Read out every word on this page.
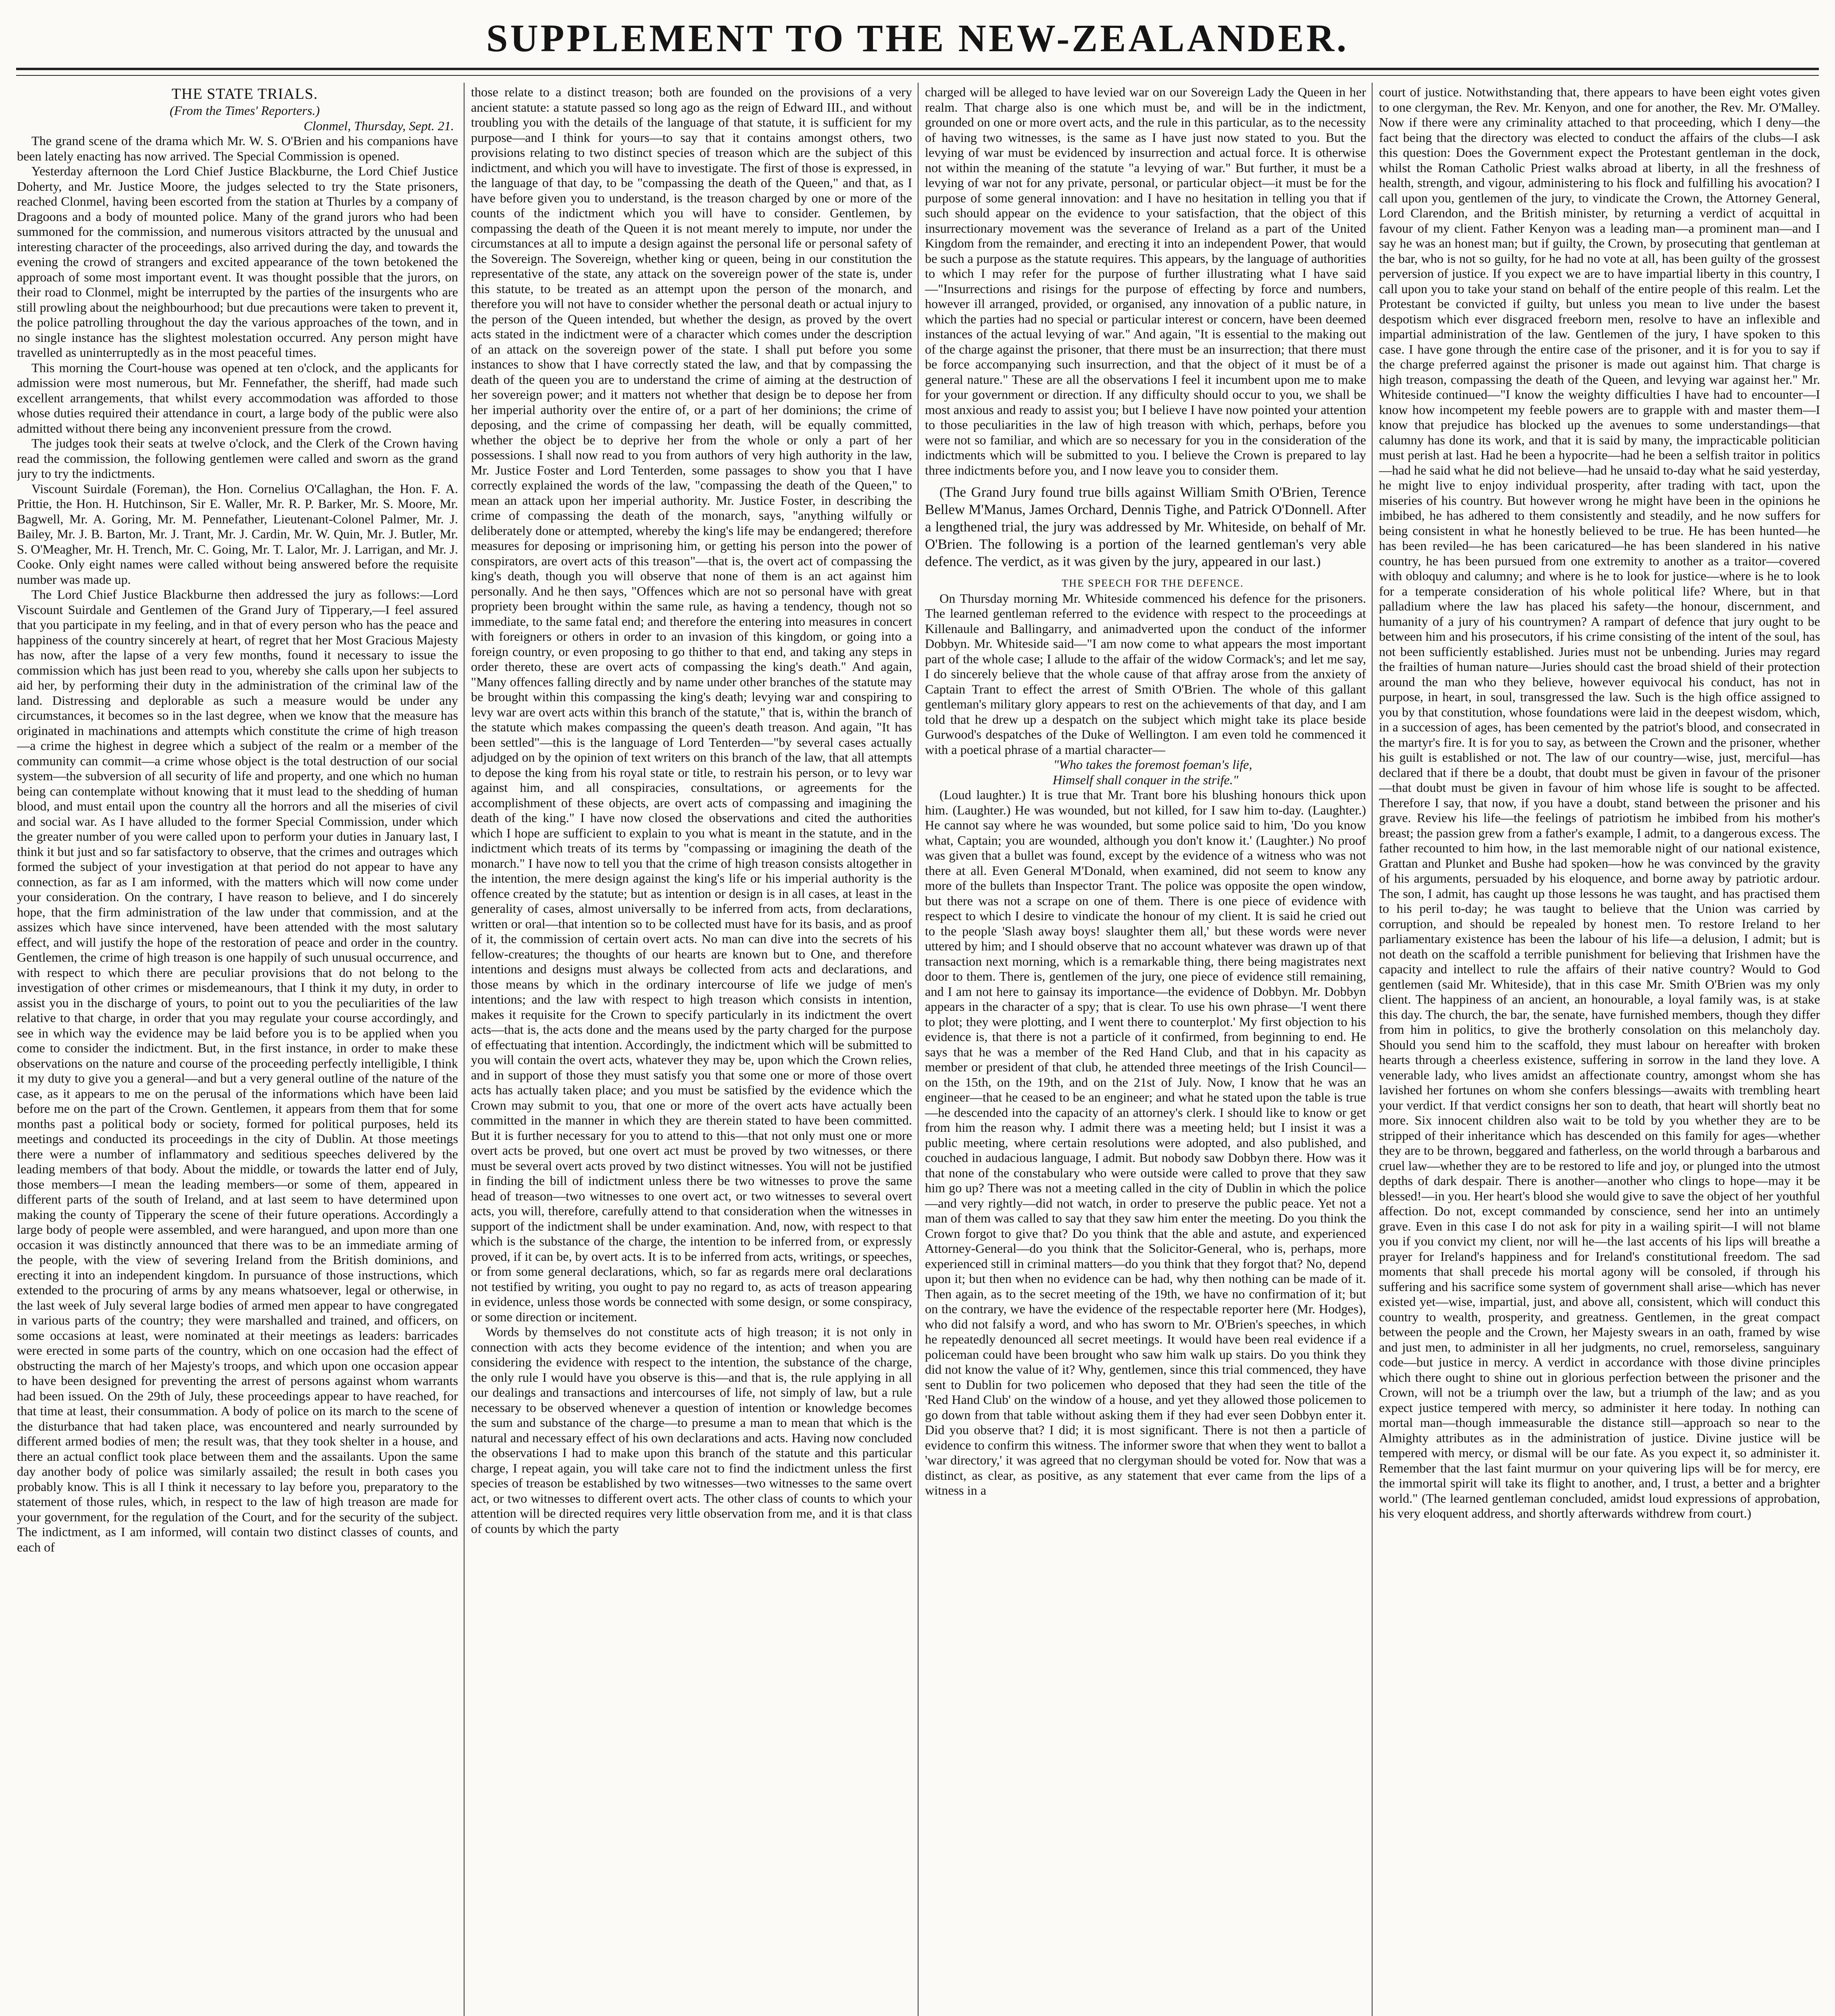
SUPPLEMENT TO THE NEW-ZEALANDER.

THE STATE TRIALS.

(From the Times' Reporters.)

Clonmel, Thursday, Sept. 21.

The grand scene of the drama which Mr. W. S. O'Brien and his companions have been lately enacting has now arrived. The Special Commission is opened.

Yesterday afternoon the Lord Chief Justice Blackburne, the Lord Chief Justice Doherty, and Mr. Justice Moore, the judges selected to try the State prisoners, reached Clonmel, having been escorted from the station at Thurles by a company of Dragoons and a body of mounted police. Many of the grand jurors who had been summoned for the commission, and numerous visitors attracted by the unusual and interesting character of the proceedings, also arrived during the day, and towards the evening the crowd of strangers and excited appearance of the town betokened the approach of some most important event. It was thought possible that the jurors, on their road to Clonmel, might be interrupted by the parties of the insurgents who are still prowling about the neighbourhood; but due precautions were taken to prevent it, the police patrolling throughout the day the various approaches of the town, and in no single instance has the slightest molestation occurred. Any person might have travelled as uninterruptedly as in the most peaceful times.

This morning the Court-house was opened at ten o'clock, and the applicants for admission were most numerous, but Mr. Fennefather, the sheriff, had made such excellent arrangements, that whilst every accommodation was afforded to those whose duties required their attendance in court, a large body of the public were also admitted without there being any inconvenient pressure from the crowd.

The judges took their seats at twelve o'clock, and the Clerk of the Crown having read the commission, the following gentlemen were called and sworn as the grand jury to try the indictments.

Viscount Suirdale (Foreman), the Hon. Cornelius O'Callaghan, the Hon. F. A. Prittie, the Hon. H. Hutchinson, Sir E. Waller, Mr. R. P. Barker, Mr. S. Moore, Mr. Bagwell, Mr. A. Goring, Mr. M. Pennefather, Lieutenant-Colonel Palmer, Mr. J. Bailey, Mr. J. B. Barton, Mr. J. Trant, Mr. J. Cardin, Mr. W. Quin, Mr. J. Butler, Mr. S. O'Meagher, Mr. H. Trench, Mr. C. Going, Mr. T. Lalor, Mr. J. Larrigan, and Mr. J. Cooke. Only eight names were called without being answered before the requisite number was made up.

The Lord Chief Justice Blackburne then addressed the jury as follows:—Lord Viscount Suirdale and Gentlemen of the Grand Jury of Tipperary,—I feel assured that you participate in my feeling, and in that of every person who has the peace and happiness of the country sincerely at heart, of regret that her Most Gracious Majesty has now, after the lapse of a very few months, found it necessary to issue the commission which has just been read to you, whereby she calls upon her subjects to aid her, by performing their duty in the administration of the criminal law of the land. Distressing and deplorable as such a measure would be under any circumstances, it becomes so in the last degree, when we know that the measure has originated in machinations and attempts which constitute the crime of high treason—a crime the highest in degree which a subject of the realm or a member of the community can commit—a crime whose object is the total destruction of our social system—the subversion of all security of life and property, and one which no human being can contemplate without knowing that it must lead to the shedding of human blood, and must entail upon the country all the horrors and all the miseries of civil and social war. As I have alluded to the former Special Commission, under which the greater number of you were called upon to perform your duties in January last, I think it but just and so far satisfactory to observe, that the crimes and outrages which formed the subject of your investigation at that period do not appear to have any connection, as far as I am informed, with the matters which will now come under your consideration. On the contrary, I have reason to believe, and I do sincerely hope, that the firm administration of the law under that commission, and at the assizes which have since intervened, have been attended with the most salutary effect, and will justify the hope of the restoration of peace and order in the country. Gentlemen, the crime of high treason is one happily of such unusual occurrence, and with respect to which there are peculiar provisions that do not belong to the investigation of other crimes or misdemeanours, that I think it my duty, in order to assist you in the discharge of yours, to point out to you the peculiarities of the law relative to that charge, in order that you may regulate your course accordingly, and see in which way the evidence may be laid before you is to be applied when you come to consider the indictment. But, in the first instance, in order to make these observations on the nature and course of the proceeding perfectly intelligible, I think it my duty to give you a general—and but a very general outline of the nature of the case, as it appears to me on the perusal of the informations which have been laid before me on the part of the Crown. Gentlemen, it appears from them that for some months past a political body or society, formed for political purposes, held its meetings and conducted its proceedings in the city of Dublin. At those meetings there were a number of inflammatory and seditious speeches delivered by the leading members of that body. About the middle, or towards the latter end of July, those members—I mean the leading members—or some of them, appeared in different parts of the south of Ireland, and at last seem to have determined upon making the county of Tipperary the scene of their future operations. Accordingly a large body of people were assembled, and were harangued, and upon more than one occasion it was distinctly announced that there was to be an immediate arming of the people, with the view of severing Ireland from the British dominions, and erecting it into an independent kingdom. In pursuance of those instructions, which extended to the procuring of arms by any means whatsoever, legal or otherwise, in the last week of July several large bodies of armed men appear to have congregated in various parts of the country; they were marshalled and trained, and officers, on some occasions at least, were nominated at their meetings as leaders: barricades were erected in some parts of the country, which on one occasion had the effect of obstructing the march of her Majesty's troops, and which upon one occasion appear to have been designed for preventing the arrest of persons against whom warrants had been issued. On the 29th of July, these proceedings appear to have reached, for that time at least, their consummation. A body of police on its march to the scene of the disturbance that had taken place, was encountered and nearly surrounded by different armed bodies of men; the result was, that they took shelter in a house, and there an actual conflict took place between them and the assailants. Upon the same day another body of police was similarly assailed; the result in both cases you probably know. This is all I think it necessary to lay before you, preparatory to the statement of those rules, which, in respect to the law of high treason are made for your government, for the regulation of the Court, and for the security of the subject. The indictment, as I am informed, will contain two distinct classes of counts, and each of

those relate to a distinct treason; both are founded on the provisions of a very ancient statute: a statute passed so long ago as the reign of Edward III., and without troubling you with the details of the language of that statute, it is sufficient for my purpose—and I think for yours—to say that it contains amongst others, two provisions relating to two distinct species of treason which are the subject of this indictment, and which you will have to investigate. The first of those is expressed, in the language of that day, to be "compassing the death of the Queen," and that, as I have before given you to understand, is the treason charged by one or more of the counts of the indictment which you will have to consider. Gentlemen, by compassing the death of the Queen it is not meant merely to impute, nor under the circumstances at all to impute a design against the personal life or personal safety of the Sovereign. The Sovereign, whether king or queen, being in our constitution the representative of the state, any attack on the sovereign power of the state is, under this statute, to be treated as an attempt upon the person of the monarch, and therefore you will not have to consider whether the personal death or actual injury to the person of the Queen intended, but whether the design, as proved by the overt acts stated in the indictment were of a character which comes under the description of an attack on the sovereign power of the state. I shall put before you some instances to show that I have correctly stated the law, and that by compassing the death of the queen you are to understand the crime of aiming at the destruction of her sovereign power; and it matters not whether that design be to depose her from her imperial authority over the entire of, or a part of her dominions; the crime of deposing, and the crime of compassing her death, will be equally committed, whether the object be to deprive her from the whole or only a part of her possessions. I shall now read to you from authors of very high authority in the law, Mr. Justice Foster and Lord Tenterden, some passages to show you that I have correctly explained the words of the law, "compassing the death of the Queen," to mean an attack upon her imperial authority. Mr. Justice Foster, in describing the crime of compassing the death of the monarch, says, "anything wilfully or deliberately done or attempted, whereby the king's life may be endangered; therefore measures for deposing or imprisoning him, or getting his person into the power of conspirators, are overt acts of this treason"—that is, the overt act of compassing the king's death, though you will observe that none of them is an act against him personally. And he then says, "Offences which are not so personal have with great propriety been brought within the same rule, as having a tendency, though not so immediate, to the same fatal end; and therefore the entering into measures in concert with foreigners or others in order to an invasion of this kingdom, or going into a foreign country, or even proposing to go thither to that end, and taking any steps in order thereto, these are overt acts of compassing the king's death." And again, "Many offences falling directly and by name under other branches of the statute may be brought within this compassing the king's death; levying war and conspiring to levy war are overt acts within this branch of the statute," that is, within the branch of the statute which makes compassing the queen's death treason. And again, "It has been settled"—this is the language of Lord Tenterden—"by several cases actually adjudged on by the opinion of text writers on this branch of the law, that all attempts to depose the king from his royal state or title, to restrain his person, or to levy war against him, and all conspiracies, consultations, or agreements for the accomplishment of these objects, are overt acts of compassing and imagining the death of the king." I have now closed the observations and cited the authorities which I hope are sufficient to explain to you what is meant in the statute, and in the indictment which treats of its terms by "compassing or imagining the death of the monarch." I have now to tell you that the crime of high treason consists altogether in the intention, the mere design against the king's life or his imperial authority is the offence created by the statute; but as intention or design is in all cases, at least in the generality of cases, almost universally to be inferred from acts, from declarations, written or oral—that intention so to be collected must have for its basis, and as proof of it, the commission of certain overt acts. No man can dive into the secrets of his fellow-creatures; the thoughts of our hearts are known but to One, and therefore intentions and designs must always be collected from acts and declarations, and those means by which in the ordinary intercourse of life we judge of men's intentions; and the law with respect to high treason which consists in intention, makes it requisite for the Crown to specify particularly in its indictment the overt acts—that is, the acts done and the means used by the party charged for the purpose of effectuating that intention. Accordingly, the indictment which will be submitted to you will contain the overt acts, whatever they may be, upon which the Crown relies, and in support of those they must satisfy you that some one or more of those overt acts has actually taken place; and you must be satisfied by the evidence which the Crown may submit to you, that one or more of the overt acts have actually been committed in the manner in which they are therein stated to have been committed. But it is further necessary for you to attend to this—that not only must one or more overt acts be proved, but one overt act must be proved by two witnesses, or there must be several overt acts proved by two distinct witnesses. You will not be justified in finding the bill of indictment unless there be two witnesses to prove the same head of treason—two witnesses to one overt act, or two witnesses to several overt acts, you will, therefore, carefully attend to that consideration when the witnesses in support of the indictment shall be under examination. And, now, with respect to that which is the substance of the charge, the intention to be inferred from, or expressly proved, if it can be, by overt acts. It is to be inferred from acts, writings, or speeches, or from some general declarations, which, so far as regards mere oral declarations not testified by writing, you ought to pay no regard to, as acts of treason appearing in evidence, unless those words be connected with some design, or some conspiracy, or some direction or incitement.

Words by themselves do not constitute acts of high treason; it is not only in connection with acts they become evidence of the intention; and when you are considering the evidence with respect to the intention, the substance of the charge, the only rule I would have you observe is this—and that is, the rule applying in all our dealings and transactions and intercourses of life, not simply of law, but a rule necessary to be observed whenever a question of intention or knowledge becomes the sum and substance of the charge—to presume a man to mean that which is the natural and necessary effect of his own declarations and acts. Having now concluded the observations I had to make upon this branch of the statute and this particular charge, I repeat again, you will take care not to find the indictment unless the first species of treason be established by two witnesses—two witnesses to the same overt act, or two witnesses to different overt acts. The other class of counts to which your attention will be directed requires very little observation from me, and it is that class of counts by which the party

charged will be alleged to have levied war on our Sovereign Lady the Queen in her realm. That charge also is one which must be, and will be in the indictment, grounded on one or more overt acts, and the rule in this particular, as to the necessity of having two witnesses, is the same as I have just now stated to you. But the levying of war must be evidenced by insurrection and actual force. It is otherwise not within the meaning of the statute "a levying of war." But further, it must be a levying of war not for any private, personal, or particular object—it must be for the purpose of some general innovation: and I have no hesitation in telling you that if such should appear on the evidence to your satisfaction, that the object of this insurrectionary movement was the severance of Ireland as a part of the United Kingdom from the remainder, and erecting it into an independent Power, that would be such a purpose as the statute requires. This appears, by the language of authorities to which I may refer for the purpose of further illustrating what I have said—"Insurrections and risings for the purpose of effecting by force and numbers, however ill arranged, provided, or organised, any innovation of a public nature, in which the parties had no special or particular interest or concern, have been deemed instances of the actual levying of war." And again, "It is essential to the making out of the charge against the prisoner, that there must be an insurrection; that there must be force accompanying such insurrection, and that the object of it must be of a general nature." These are all the observations I feel it incumbent upon me to make for your government or direction. If any difficulty should occur to you, we shall be most anxious and ready to assist you; but I believe I have now pointed your attention to those peculiarities in the law of high treason with which, perhaps, before you were not so familiar, and which are so necessary for you in the consideration of the indictments which will be submitted to you. I believe the Crown is prepared to lay three indictments before you, and I now leave you to consider them.

(The Grand Jury found true bills against William Smith O'Brien, Terence Bellew M'Manus, James Orchard, Dennis Tighe, and Patrick O'Donnell. After a lengthened trial, the jury was addressed by Mr. Whiteside, on behalf of Mr. O'Brien. The following is a portion of the learned gentleman's very able defence. The verdict, as it was given by the jury, appeared in our last.)

THE SPEECH FOR THE DEFENCE.

On Thursday morning Mr. Whiteside commenced his defence for the prisoners. The learned gentleman referred to the evidence with respect to the proceedings at Killenaule and Ballingarry, and animadverted upon the conduct of the informer Dobbyn. Mr. Whiteside said—"I am now come to what appears the most important part of the whole case; I allude to the affair of the widow Cormack's; and let me say, I do sincerely believe that the whole cause of that affray arose from the anxiety of Captain Trant to effect the arrest of Smith O'Brien. The whole of this gallant gentleman's military glory appears to rest on the achievements of that day, and I am told that he drew up a despatch on the subject which might take its place beside Gurwood's despatches of the Duke of Wellington. I am even told he commenced it with a poetical phrase of a martial character—

"Who takes the foremost foeman's life,
Himself shall conquer in the strife."

(Loud laughter.) It is true that Mr. Trant bore his blushing honours thick upon him. (Laughter.) He was wounded, but not killed, for I saw him to-day. (Laughter.) He cannot say where he was wounded, but some police said to him, 'Do you know what, Captain; you are wounded, although you don't know it.' (Laughter.) No proof was given that a bullet was found, except by the evidence of a witness who was not there at all. Even General M'Donald, when examined, did not seem to know any more of the bullets than Inspector Trant. The police was opposite the open window, but there was not a scrape on one of them. There is one piece of evidence with respect to which I desire to vindicate the honour of my client. It is said he cried out to the people 'Slash away boys! slaughter them all,' but these words were never uttered by him; and I should observe that no account whatever was drawn up of that transaction next morning, which is a remarkable thing, there being magistrates next door to them. There is, gentlemen of the jury, one piece of evidence still remaining, and I am not here to gainsay its importance—the evidence of Dobbyn. Mr. Dobbyn appears in the character of a spy; that is clear. To use his own phrase—'I went there to plot; they were plotting, and I went there to counterplot.' My first objection to his evidence is, that there is not a particle of it confirmed, from beginning to end. He says that he was a member of the Red Hand Club, and that in his capacity as member or president of that club, he attended three meetings of the Irish Council—on the 15th, on the 19th, and on the 21st of July. Now, I know that he was an engineer—that he ceased to be an engineer; and what he stated upon the table is true—he descended into the capacity of an attorney's clerk. I should like to know or get from him the reason why. I admit there was a meeting held; but I insist it was a public meeting, where certain resolutions were adopted, and also published, and couched in audacious language, I admit. But nobody saw Dobbyn there. How was it that none of the constabulary who were outside were called to prove that they saw him go up? There was not a meeting called in the city of Dublin in which the police—and very rightly—did not watch, in order to preserve the public peace. Yet not a man of them was called to say that they saw him enter the meeting. Do you think the Crown forgot to give that? Do you think that the able and astute, and experienced Attorney-General—do you think that the Solicitor-General, who is, perhaps, more experienced still in criminal matters—do you think that they forgot that? No, depend upon it; but then when no evidence can be had, why then nothing can be made of it. Then again, as to the secret meeting of the 19th, we have no confirmation of it; but on the contrary, we have the evidence of the respectable reporter here (Mr. Hodges), who did not falsify a word, and who has sworn to Mr. O'Brien's speeches, in which he repeatedly denounced all secret meetings. It would have been real evidence if a policeman could have been brought who saw him walk up stairs. Do you think they did not know the value of it? Why, gentlemen, since this trial commenced, they have sent to Dublin for two policemen who deposed that they had seen the title of the 'Red Hand Club' on the window of a house, and yet they allowed those policemen to go down from that table without asking them if they had ever seen Dobbyn enter it. Did you observe that? I did; it is most significant. There is not then a particle of evidence to confirm this witness. The informer swore that when they went to ballot a 'war directory,' it was agreed that no clergyman should be voted for. Now that was a distinct, as clear, as positive, as any statement that ever came from the lips of a witness in a

court of justice. Notwithstanding that, there appears to have been eight votes given to one clergyman, the Rev. Mr. Kenyon, and one for another, the Rev. Mr. O'Malley. Now if there were any criminality attached to that proceeding, which I deny—the fact being that the directory was elected to conduct the affairs of the clubs—I ask this question: Does the Government expect the Protestant gentleman in the dock, whilst the Roman Catholic Priest walks abroad at liberty, in all the freshness of health, strength, and vigour, administering to his flock and fulfilling his avocation? I call upon you, gentlemen of the jury, to vindicate the Crown, the Attorney General, Lord Clarendon, and the British minister, by returning a verdict of acquittal in favour of my client. Father Kenyon was a leading man—a prominent man—and I say he was an honest man; but if guilty, the Crown, by prosecuting that gentleman at the bar, who is not so guilty, for he had no vote at all, has been guilty of the grossest perversion of justice. If you expect we are to have impartial liberty in this country, I call upon you to take your stand on behalf of the entire people of this realm. Let the Protestant be convicted if guilty, but unless you mean to live under the basest despotism which ever disgraced freeborn men, resolve to have an inflexible and impartial administration of the law. Gentlemen of the jury, I have spoken to this case. I have gone through the entire case of the prisoner, and it is for you to say if the charge preferred against the prisoner is made out against him. That charge is high treason, compassing the death of the Queen, and levying war against her." Mr. Whiteside continued—"I know the weighty difficulties I have had to encounter—I know how incompetent my feeble powers are to grapple with and master them—I know that prejudice has blocked up the avenues to some understandings—that calumny has done its work, and that it is said by many, the impracticable politician must perish at last. Had he been a hypocrite—had he been a selfish traitor in politics—had he said what he did not believe—had he unsaid to-day what he said yesterday, he might live to enjoy individual prosperity, after trading with tact, upon the miseries of his country. But however wrong he might have been in the opinions he imbibed, he has adhered to them consistently and steadily, and he now suffers for being consistent in what he honestly believed to be true. He has been hunted—he has been reviled—he has been caricatured—he has been slandered in his native country, he has been pursued from one extremity to another as a traitor—covered with obloquy and calumny; and where is he to look for justice—where is he to look for a temperate consideration of his whole political life? Where, but in that palladium where the law has placed his safety—the honour, discernment, and humanity of a jury of his countrymen? A rampart of defence that jury ought to be between him and his prosecutors, if his crime consisting of the intent of the soul, has not been sufficiently established. Juries must not be unbending. Juries may regard the frailties of human nature—Juries should cast the broad shield of their protection around the man who they believe, however equivocal his conduct, has not in purpose, in heart, in soul, transgressed the law. Such is the high office assigned to you by that constitution, whose foundations were laid in the deepest wisdom, which, in a succession of ages, has been cemented by the patriot's blood, and consecrated in the martyr's fire. It is for you to say, as between the Crown and the prisoner, whether his guilt is established or not. The law of our country—wise, just, merciful—has declared that if there be a doubt, that doubt must be given in favour of the prisoner—that doubt must be given in favour of him whose life is sought to be affected. Therefore I say, that now, if you have a doubt, stand between the prisoner and his grave. Review his life—the feelings of patriotism he imbibed from his mother's breast; the passion grew from a father's example, I admit, to a dangerous excess. The father recounted to him how, in the last memorable night of our national existence, Grattan and Plunket and Bushe had spoken—how he was convinced by the gravity of his arguments, persuaded by his eloquence, and borne away by patriotic ardour. The son, I admit, has caught up those lessons he was taught, and has practised them to his peril to-day; he was taught to believe that the Union was carried by corruption, and should be repealed by honest men. To restore Ireland to her parliamentary existence has been the labour of his life—a delusion, I admit; but is not death on the scaffold a terrible punishment for believing that Irishmen have the capacity and intellect to rule the affairs of their native country? Would to God gentlemen (said Mr. Whiteside), that in this case Mr. Smith O'Brien was my only client. The happiness of an ancient, an honourable, a loyal family was, is at stake this day. The church, the bar, the senate, have furnished members, though they differ from him in politics, to give the brotherly consolation on this melancholy day. Should you send him to the scaffold, they must labour on hereafter with broken hearts through a cheerless existence, suffering in sorrow in the land they love. A venerable lady, who lives amidst an affectionate country, amongst whom she has lavished her fortunes on whom she confers blessings—awaits with trembling heart your verdict. If that verdict consigns her son to death, that heart will shortly beat no more. Six innocent children also wait to be told by you whether they are to be stripped of their inheritance which has descended on this family for ages—whether they are to be thrown, beggared and fatherless, on the world through a barbarous and cruel law—whether they are to be restored to life and joy, or plunged into the utmost depths of dark despair. There is another—another who clings to hope—may it be blessed!—in you. Her heart's blood she would give to save the object of her youthful affection. Do not, except commanded by conscience, send her into an untimely grave. Even in this case I do not ask for pity in a wailing spirit—I will not blame you if you convict my client, nor will he—the last accents of his lips will breathe a prayer for Ireland's happiness and for Ireland's constitutional freedom. The sad moments that shall precede his mortal agony will be consoled, if through his suffering and his sacrifice some system of government shall arise—which has never existed yet—wise, impartial, just, and above all, consistent, which will conduct this country to wealth, prosperity, and greatness. Gentlemen, in the great compact between the people and the Crown, her Majesty swears in an oath, framed by wise and just men, to administer in all her judgments, no cruel, remorseless, sanguinary code—but justice in mercy. A verdict in accordance with those divine principles which there ought to shine out in glorious perfection between the prisoner and the Crown, will not be a triumph over the law, but a triumph of the law; and as you expect justice tempered with mercy, so administer it here today. In nothing can mortal man—though immeasurable the distance still—approach so near to the Almighty attributes as in the administration of justice. Divine justice will be tempered with mercy, or dismal will be our fate. As you expect it, so administer it. Remember that the last faint murmur on your quivering lips will be for mercy, ere the immortal spirit will take its flight to another, and, I trust, a better and a brighter world." (The learned gentleman concluded, amidst loud expressions of approbation, his very eloquent address, and shortly afterwards withdrew from court.)
